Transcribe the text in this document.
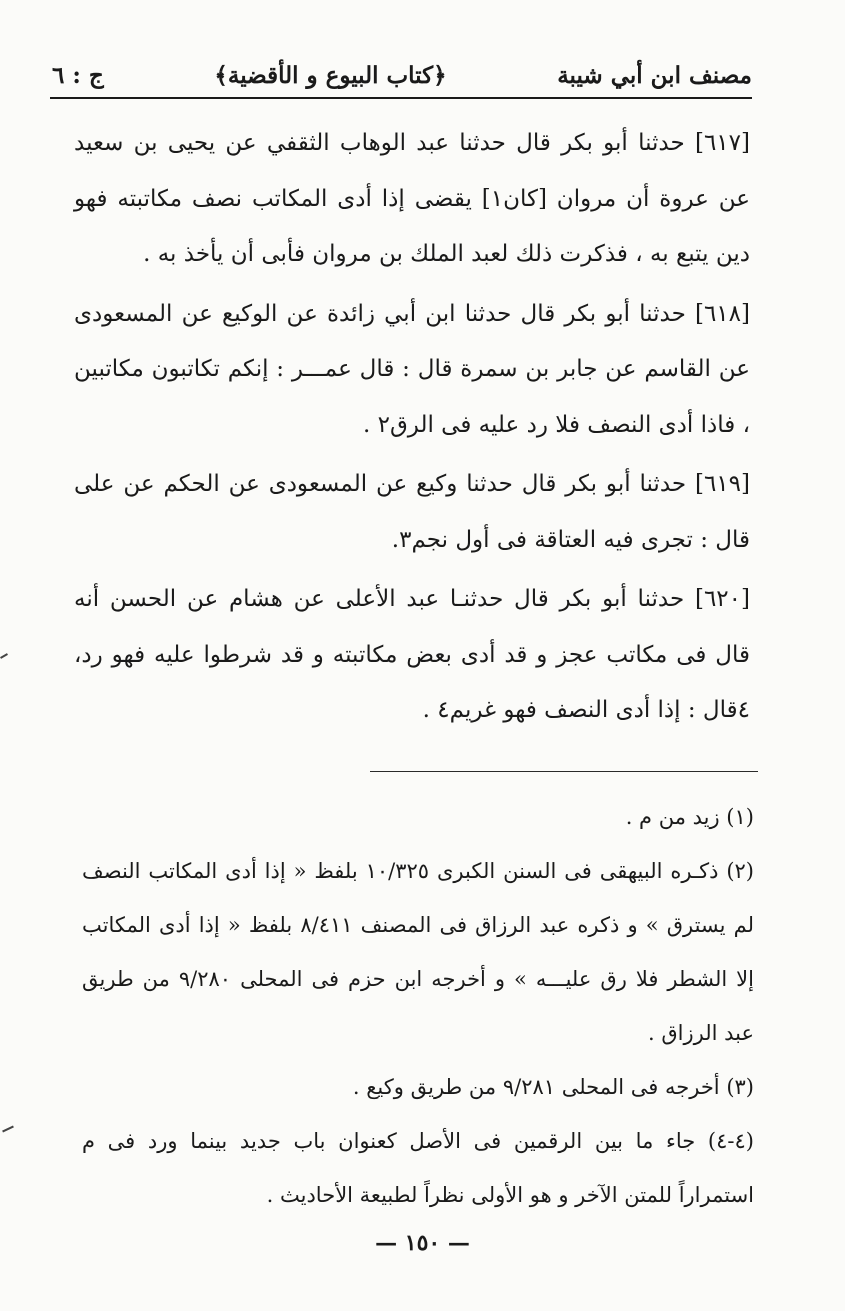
مصنف ابن أبي شيبة
﴿كتاب البيوع و الأقضية﴾
ج : ٦

[٦١٧] حدثنا أبو بكر قال حدثنا عبد الوهاب الثقفي عن يحيى بن سعيد عن عروة أن مروان [كان١] يقضى إذا أدى المكاتب نصف مكاتبته فهو دين يتبع به ، فذكرت ذلك لعبد الملك بن مروان فأبى أن يأخذ به .

[٦١٨] حدثنا أبو بكر قال حدثنا ابن أبي زائدة عن الوكيع عن المسعودى عن القاسم عن جابر بن سمرة قال : قال عمـــر : إنكم تكاتبون مكاتبين ، فاذا أدى النصف فلا رد عليه فى الرق٢ .

[٦١٩] حدثنا أبو بكر قال حدثنا وكيع عن المسعودى عن الحكم عن على قال : تجرى فيه العتاقة فى أول نجم٣.

[٦٢٠] حدثنا أبو بكر قال حدثنـا عبد الأعلى عن هشام عن الحسن أنه قال فى مكاتب عجز و قد أدى بعض مكاتبته و قد شرطوا عليه فهو رد، ٤قال : إذا أدى النصف فهو غريم٤ .

(١) زيد من م .

(٢) ذكـره البيهقى فى السنن الكبرى ١٠/٣٢٥ بلفظ « إذا أدى المكاتب النصف لم يسترق » و ذكره عبد الرزاق فى المصنف ٨/٤١١ بلفظ « إذا أدى المكاتب إلا الشطر فلا رق عليـــه » و أخرجه ابن حزم فى المحلى ٩/٢٨٠ من طريق عبد الرزاق .

(٣) أخرجه فى المحلى ٩/٢٨١ من طريق وكيع .

(٤-٤) جاء ما بين الرقمين فى الأصل كعنوان باب جديد بينما ورد فى م استمراراً للمتن الآخر و هو الأولى نظراً لطبيعة الأحاديث .

— ١٥٠ —
